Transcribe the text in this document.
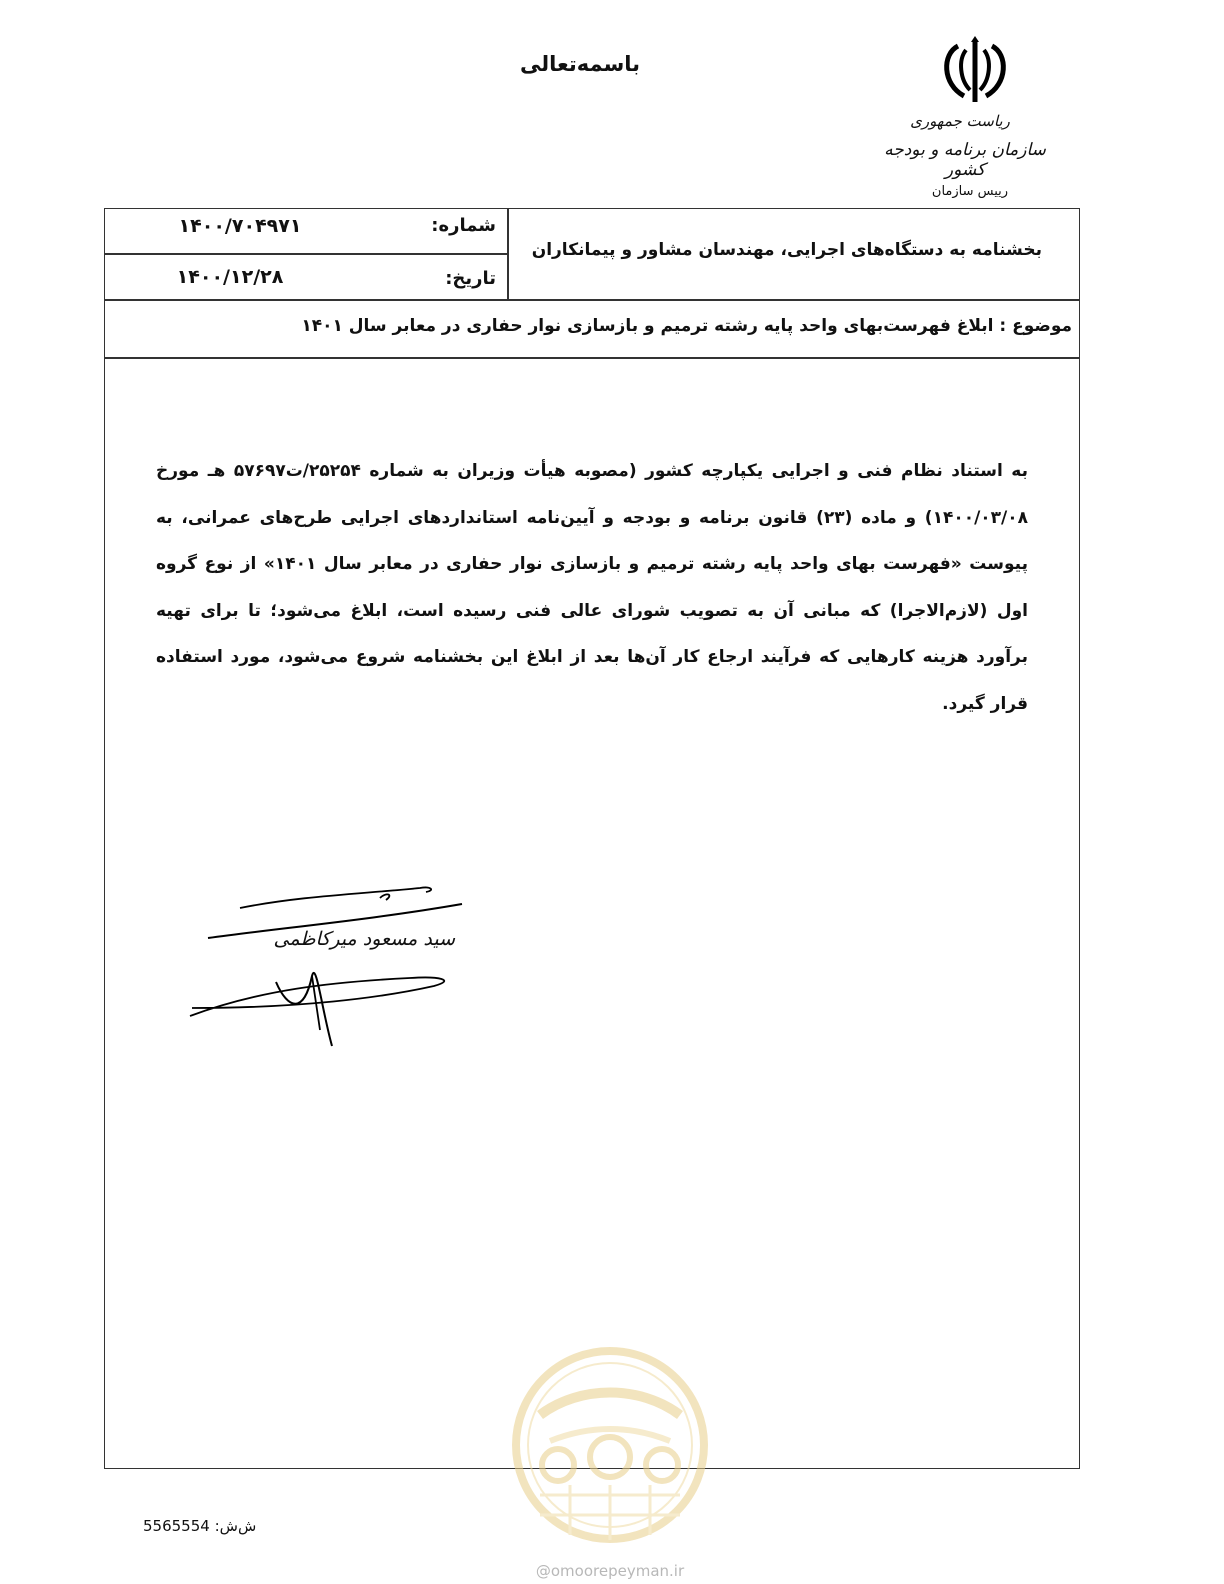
باسمه‌تعالی
ریاست جمهوری
سازمان برنامه و بودجه کشور
رییس سازمان
شماره:
۱۴۰۰/۷۰۴۹۷۱
تاریخ:
۱۴۰۰/۱۲/۲۸
بخشنامه به دستگاه‌های اجرایی، مهندسان مشاور و پیمانکاران
موضوع : ابلاغ فهرست‌بهای واحد پایه رشته ترمیم و بازسازی نوار حفاری در معابر سال ۱۴۰۱
به استناد نظام فنی و اجرایی یکپارچه کشور (مصوبه هیأت وزیران به شماره ۲۵۲۵۴/ت۵۷۶۹۷ هـ مورخ ۱۴۰۰/۰۳/۰۸) و ماده (۲۳) قانون برنامه و بودجه و آیین‌نامه استانداردهای اجرایی طرح‌های عمرانی، به پیوست «فهرست بهای واحد پایه رشته ترمیم و بازسازی نوار حفاری در معابر سال ۱۴۰۱» از نوع گروه اول (لازم‌الاجرا) که مبانی آن به تصویب شورای عالی فنی رسیده است، ابلاغ می‌شود؛ تا برای تهیه برآورد هزینه کارهایی که فرآیند ارجاع کار آن‌ها بعد از ابلاغ این بخشنامه شروع می‌شود، مورد استفاده قرار گیرد.
سید مسعود میرکاظمی
@omoorepeyman.ir
ش‌ش: 5565554
